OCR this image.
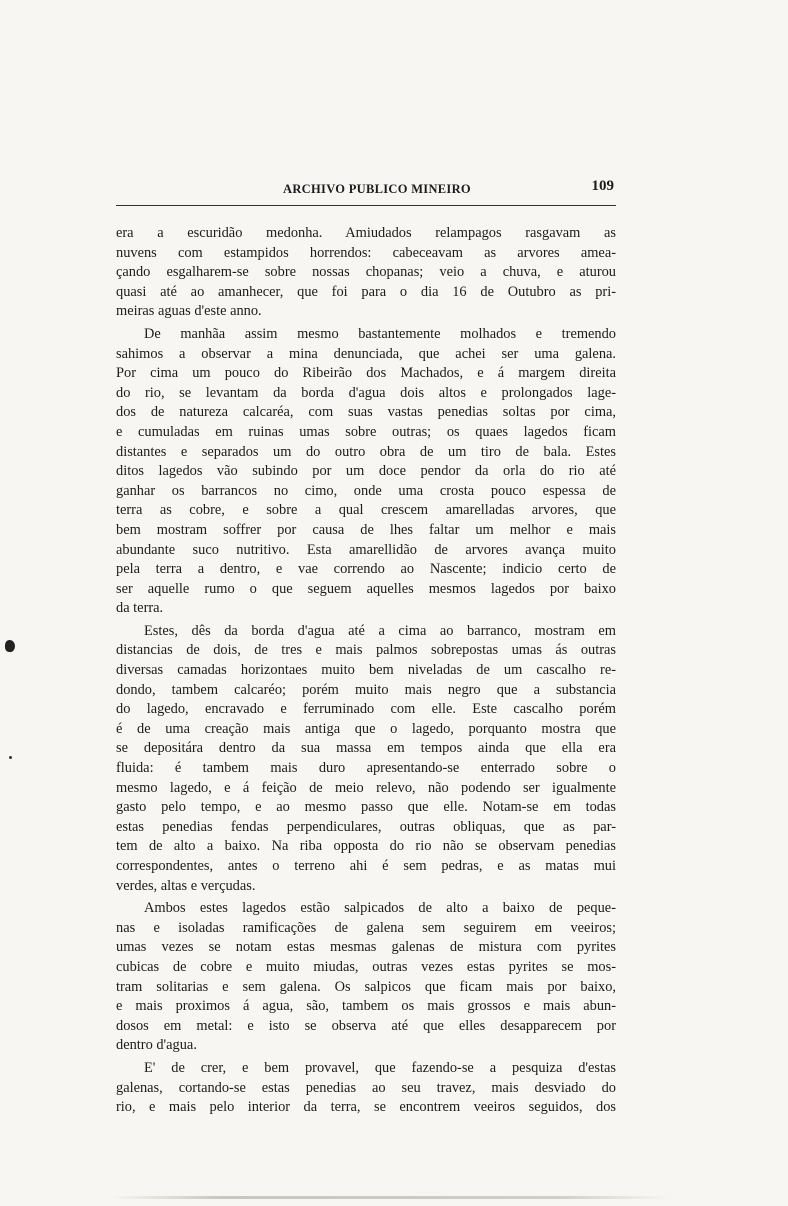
ARCHIVO PUBLICO MINEIRO	109
era a escuridão medonha. Amiudados relampagos rasgavam as
nuvens com estampidos horrendos: cabeceavam as arvores amea-
çando esgalharem-se sobre nossas chopanas; veio a chuva, e aturou
quasi até ao amanhecer, que foi para o dia 16 de Outubro as pri-
meiras aguas d'este anno.
De manhãa assim mesmo bastantemente molhados e tremendo
sahimos a observar a mina denunciada, que achei ser uma galena.
Por cima um pouco do Ribeirão dos Machados, e á margem direita
do rio, se levantam da borda d'agua dois altos e prolongados lage-
dos de natureza calcaréa, com suas vastas penedias soltas por cima,
e cumuladas em ruinas umas sobre outras; os quaes lagedos ficam
distantes e separados um do outro obra de um tiro de bala. Estes
ditos lagedos vão subindo por um doce pendor da orla do rio até
ganhar os barrancos no cimo, onde uma crosta pouco espessa de
terra as cobre, e sobre a qual crescem amarelladas arvores, que
bem mostram soffrer por causa de lhes faltar um melhor e mais
abundante suco nutritivo. Esta amarellidão de arvores avança muito
pela terra a dentro, e vae correndo ao Nascente; indicio certo de
ser aquelle rumo o que seguem aquelles mesmos lagedos por baixo
da terra.
Estes, dês da borda d'agua até a cima ao barranco, mostram em
distancias de dois, de tres e mais palmos sobrepostas umas ás outras
diversas camadas horizontaes muito bem niveladas de um cascalho re-
dondo, tambem calcaréo; porém muito mais negro que a substancia
do lagedo, encravado e ferruminado com elle. Este cascalho porém
é de uma creação mais antiga que o lagedo, porquanto mostra que
se depositára dentro da sua massa em tempos ainda que ella era
fluida: é tambem mais duro apresentando-se enterrado sobre o
mesmo lagedo, e á feição de meio relevo, não podendo ser igualmente
gasto pelo tempo, e ao mesmo passo que elle. Notam-se em todas
estas penedias fendas perpendiculares, outras obliquas, que as par-
tem de alto a baixo. Na riba opposta do rio não se observam penedias
correspondentes, antes o terreno ahi é sem pedras, e as matas mui
verdes, altas e verçudas.
Ambos estes lagedos estão salpicados de alto a baixo de peque-
nas e isoladas ramificações de galena sem seguirem em veeiros;
umas vezes se notam estas mesmas galenas de mistura com pyrites
cubicas de cobre e muito miudas, outras vezes estas pyrites se mos-
tram solitarias e sem galena. Os salpicos que ficam mais por baixo,
e mais proximos á agua, são, tambem os mais grossos e mais abun-
dosos em metal: e isto se observa até que elles desapparecem por
dentro d'agua.
E' de crer, e bem provavel, que fazendo-se a pesquiza d'estas
galenas, cortando-se estas penedias ao seu travez, mais desviado do
rio, e mais pelo interior da terra, se encontrem veeiros seguidos, dos
